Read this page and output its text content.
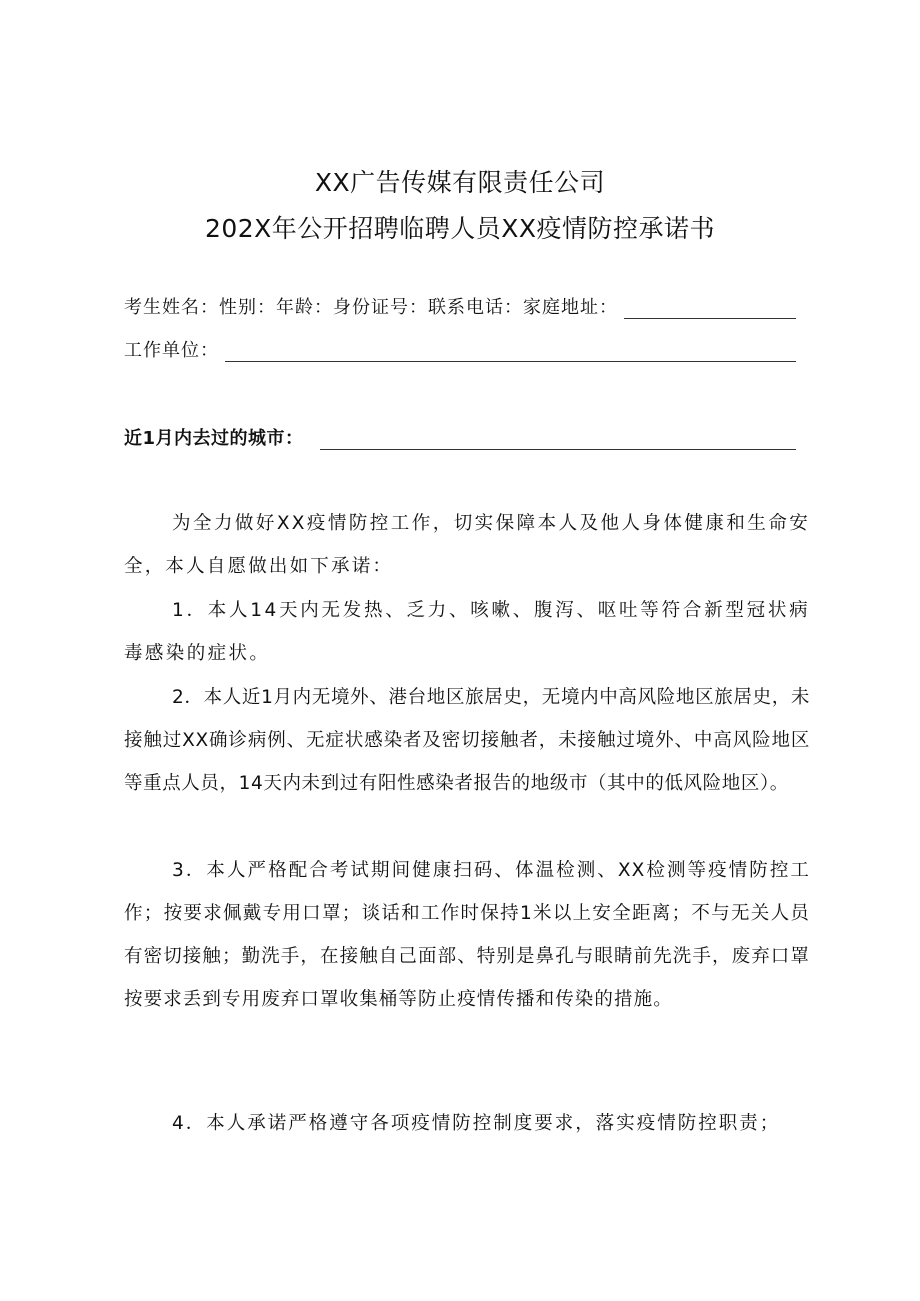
XX广告传媒有限责任公司
202X年公开招聘临聘人员XX疫情防控承诺书
考生姓名：性别：年龄：身份证号：联系电话：家庭地址：
工作单位：
近1月内去过的城市：

为全力做好XX疫情防控工作，切实保障本人及他人身体健康和生命安全，本人自愿做出如下承诺：

1．本人14天内无发热、乏力、咳嗽、腹泻、呕吐等符合新型冠状病毒感染的症状。

2．本人近1月内无境外、港台地区旅居史，无境内中高风险地区旅居史，未接触过XX确诊病例、无症状感染者及密切接触者，未接触过境外、中高风险地区等重点人员，14天内未到过有阳性感染者报告的地级市（其中的低风险地区）。

3．本人严格配合考试期间健康扫码、体温检测、XX检测等疫情防控工作；按要求佩戴专用口罩；谈话和工作时保持1米以上安全距离；不与无关人员有密切接触；勤洗手，在接触自己面部、特别是鼻孔与眼睛前先洗手，废弃口罩按要求丢到专用废弃口罩收集桶等防止疫情传播和传染的措施。

4．本人承诺严格遵守各项疫情防控制度要求，落实疫情防控职责；
